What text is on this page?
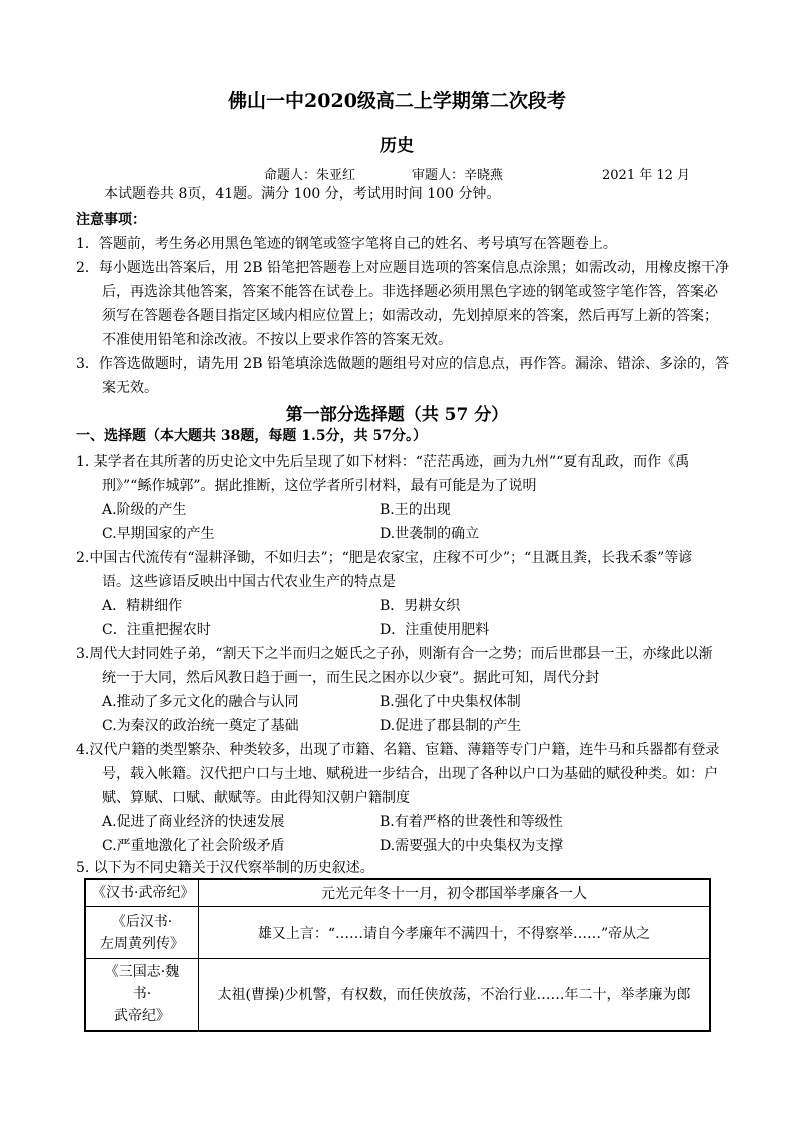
佛山一中2020级高二上学期第二次段考
历史
命题人：朱亚红	审题人：辛晓燕	2021 年 12 月
本试题卷共 8页，41题。满分 100 分，考试用时间 100 分钟。
注意事项：
1．答题前，考生务必用黑色笔迹的钢笔或签字笔将自己的姓名、考号填写在答题卷上。
2．每小题选出答案后，用 2B 铅笔把答题卷上对应题目选项的答案信息点涂黑；如需改动，用橡皮擦干净
后，再选涂其他答案，答案不能答在试卷上。非选择题必须用黑色字迹的钢笔或签字笔作答，答案必
须写在答题卷各题目指定区域内相应位置上；如需改动，先划掉原来的答案，然后再写上新的答案；
不准使用铅笔和涂改液。不按以上要求作答的答案无效。
3．作答选做题时，请先用 2B 铅笔填涂选做题的题组号对应的信息点，再作答。漏涂、错涂、多涂的，答
案无效。
第一部分选择题（共 57 分）
一、选择题（本大题共 38题，每题 1.5分，共 57分。）
1. 某学者在其所著的历史论文中先后呈现了如下材料：“茫茫禹迹，画为九州”“夏有乱政，而作《禹
刑》”“鲧作城郭”。据此推断，这位学者所引材料，最有可能是为了说明
A.阶级的产生	B.王的出现
C.早期国家的产生	D.世袭制的确立
2.中国古代流传有“湿耕泽锄，不如归去”；“肥是农家宝，庄稼不可少”；“且溉且粪，长我禾黍”等谚
语。这些谚语反映出中国古代农业生产的特点是
A．精耕细作	B．男耕女织
C．注重把握农时	D．注重使用肥料
3.周代大封同姓子弟，“割天下之半而归之姬氏之子孙，则渐有合一之势；而后世郡县一王，亦缘此以渐
统一于大同，然后风教日趋于画一，而生民之困亦以少衰”。据此可知，周代分封
A.推动了多元文化的融合与认同	B.强化了中央集权体制
C.为秦汉的政治统一奠定了基础	D.促进了郡县制的产生
4.汉代户籍的类型繁杂、种类较多，出现了市籍、名籍、宦籍、薄籍等专门户籍，连牛马和兵器都有登录
号，载入帐籍。汉代把户口与土地、赋税进一步结合，出现了各种以户口为基础的赋役种类。如：户
赋、算赋、口赋、献赋等。由此得知汉朝户籍制度
A.促进了商业经济的快速发展	B.有着严格的世袭性和等级性
C.严重地激化了社会阶级矛盾	D.需要强大的中央集权为支撑
5. 以下为不同史籍关于汉代察举制的历史叙述。
《汉书·武帝纪》	元光元年冬十一月，初令郡国举孝廉各一人

《后汉书·
左周黄列传》	雄又上言：“……请自今孝廉年不满四十，不得察举……”帝从之

《三国志·魏
书·
武帝纪》	太祖(曹操)少机警，有权数，而任侠放荡，不治行业……年二十，举孝廉为郎
